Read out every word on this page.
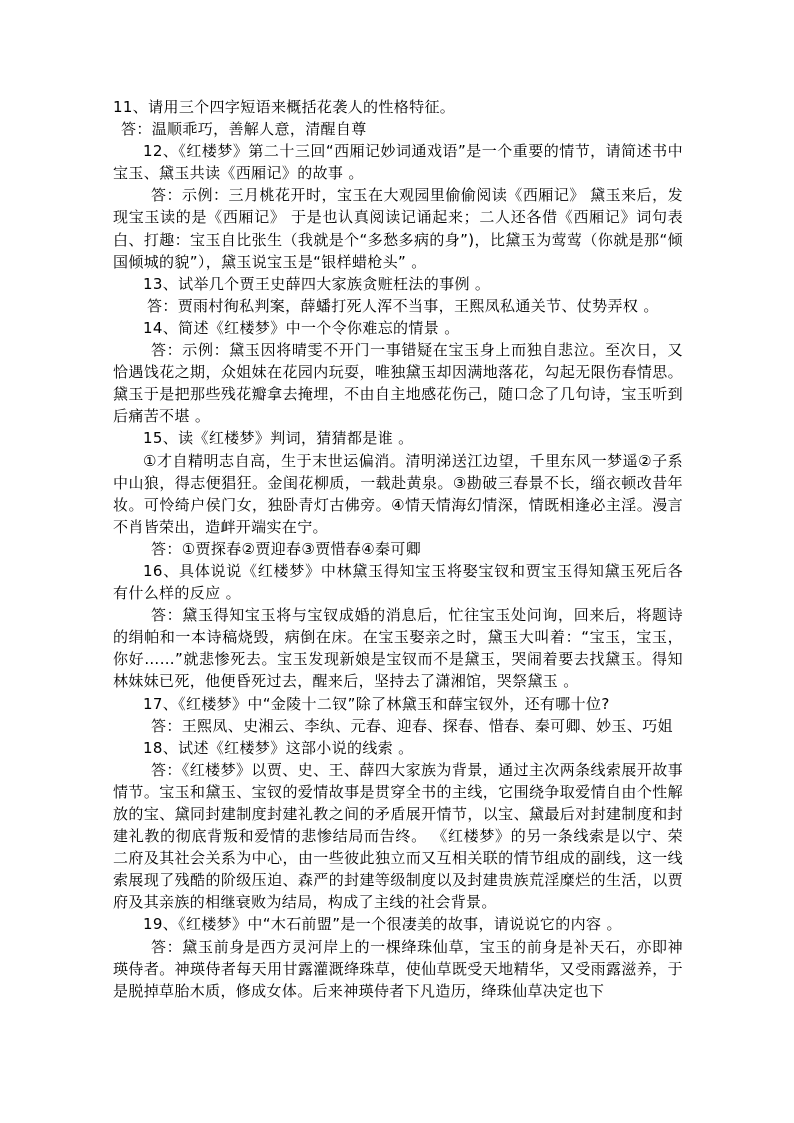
11、请用三个四字短语来概括花袭人的性格特征。

答：温顺乖巧，善解人意，清醒自尊

12、《红楼梦》第二十三回“西厢记妙词通戏语”是一个重要的情节，请简述书中宝玉、黛玉共读《西厢记》的故事 。

答：示例：三月桃花开时，宝玉在大观园里偷偷阅读《西厢记》 黛玉来后，发现宝玉读的是《西厢记》 于是也认真阅读记诵起来；二人还各借《西厢记》词句表白、打趣：宝玉自比张生（我就是个“多愁多病的身”)，比黛玉为莺莺（你就是那“倾国倾城的貌”），黛玉说宝玉是“银样蜡枪头” 。

13、试举几个贾王史薛四大家族贪赃枉法的事例 。

答：贾雨村徇私判案，薛蟠打死人浑不当事，王熙凤私通关节、仗势弄权 。

14、简述《红楼梦》中一个令你难忘的情景 。

答：示例：黛玉因将晴雯不开门一事错疑在宝玉身上而独自悲泣。至次日，又恰遇饯花之期，众姐妹在花园内玩耍，唯独黛玉却因满地落花，勾起无限伤春情思。黛玉于是把那些残花瓣拿去掩埋，不由自主地感花伤己，随口念了几句诗，宝玉听到后痛苦不堪 。

15、读《红楼梦》判词，猜猜都是谁 。

①才自精明志自高，生于末世运偏消。清明涕送江边望，千里东风一梦遥②子系中山狼，得志便猖狂。金闺花柳质，一载赴黄泉。③勘破三春景不长，缁衣顿改昔年妆。可怜绮户侯门女，独卧青灯古佛旁。④情天情海幻情深，情既相逢必主淫。漫言不肖皆荣出，造衅开端实在宁。

答：①贾探春②贾迎春③贾惜春④秦可卿

16、具体说说《红楼梦》中林黛玉得知宝玉将娶宝钗和贾宝玉得知黛玉死后各有什么样的反应 。

答：黛玉得知宝玉将与宝钗成婚的消息后，忙往宝玉处问询，回来后，将题诗的绢帕和一本诗稿烧毁，病倒在床。在宝玉娶亲之时，黛玉大叫着：“宝玉，宝玉，你好……”就悲惨死去。宝玉发现新娘是宝钗而不是黛玉，哭闹着要去找黛玉。得知林妹妹已死，他便昏死过去，醒来后，坚持去了潇湘馆，哭祭黛玉 。

17、《红楼梦》中“金陵十二钗”除了林黛玉和薛宝钗外，还有哪十位?

答：王熙凤、史湘云、李纨、元春、迎春、探春、惜春、秦可卿、妙玉、巧姐

18、试述《红楼梦》这部小说的线索 。

答：《红楼梦》以贾、史、王、薛四大家族为背景，通过主次两条线索展开故事情节。宝玉和黛玉、宝钗的爱情故事是贯穿全书的主线，它围绕争取爱情自由个性解放的宝、黛同封建制度封建礼教之间的矛盾展开情节，以宝、黛最后对封建制度和封建礼教的彻底背叛和爱情的悲惨结局而告终。 《红楼梦》的另一条线索是以宁、荣二府及其社会关系为中心，由一些彼此独立而又互相关联的情节组成的副线，这一线索展现了残酷的阶级压迫、森严的封建等级制度以及封建贵族荒淫糜烂的生活，以贾府及其亲族的相继衰败为结局，构成了主线的社会背景。

19、《红楼梦》中“木石前盟”是一个很凄美的故事，请说说它的内容 。

答：黛玉前身是西方灵河岸上的一棵绛珠仙草，宝玉的前身是补天石，亦即神瑛侍者。神瑛侍者每天用甘露灌溉绛珠草，使仙草既受天地精华，又受雨露滋养，于是脱掉草胎木质，修成女体。后来神瑛侍者下凡造历，绛珠仙草决定也下
